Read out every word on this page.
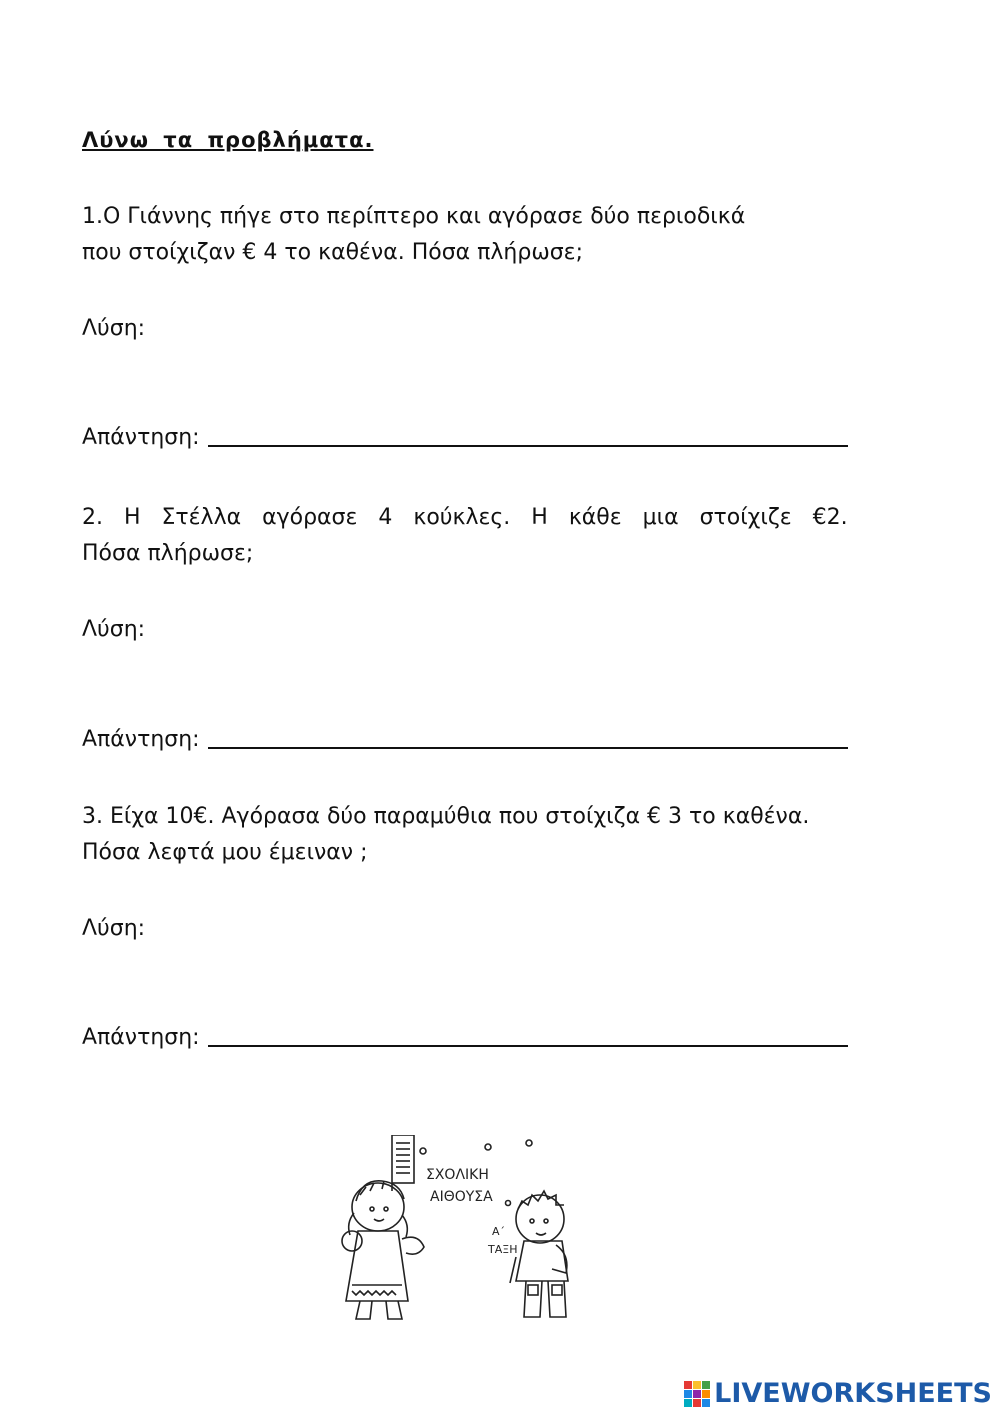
Λύνω τα προβλήματα.

1.Ο Γιάννης πήγε στο περίπτερο και αγόρασε δύο περιοδικά
που στοίχιζαν € 4 το καθένα. Πόσα πλήρωσε;

Λύση:

Απάντηση:

2. Η Στέλλα αγόρασε 4 κούκλες. Η κάθε μια στοίχιζε €2.
Πόσα πλήρωσε;

Λύση:

Απάντηση:

3. Είχα 10€. Αγόρασα δύο παραμύθια που στοίχιζα € 3 το καθένα.
Πόσα λεφτά μου έμειναν ;

Λύση:

Απάντηση:
ΣΧΟΛΙΚΗ
ΑΙΘΟΥΣΑ
Α΄
ΤΑΞΗ
LIVEWORKSHEETS
